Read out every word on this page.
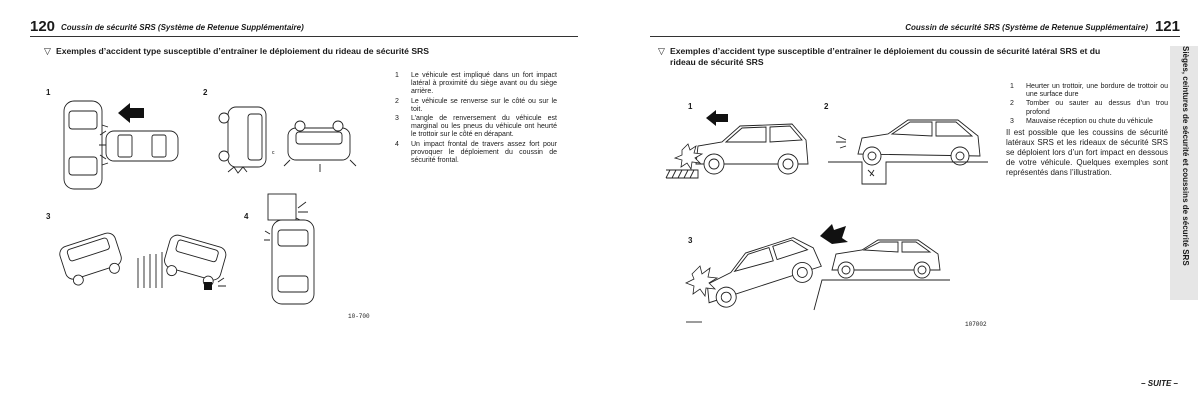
120 Coussin de sécurité SRS (Système de Retenue Supplémentaire)
▽ Exemples d’accident type susceptible d’entraîner le déploiement du rideau de sécurité SRS
1	2
3	4
c
10-700
1 Le véhicule est impliqué dans un fort impact latéral à proximité du siège avant ou du siège arrière.
2 Le véhicule se renverse sur le côté ou sur le toit.
3 L’angle de renversement du véhicule est marginal ou les pneus du véhicule ont heurté le trottoir sur le côté en dérapant.
4 Un impact frontal de travers assez fort pour provoquer le déploiement du coussin de sécurité frontal.
Coussin de sécurité SRS (Système de Retenue Supplémentaire) 121
▽ Exemples d’accident type susceptible d’entraîner le déploiement du coussin de sécurité latéral SRS et du rideau de sécurité SRS
1	2
3
107002
1 Heurter un trottoir, une bordure de trottoir ou une surface dure
2 Tomber ou sauter au dessus d’un trou profond
3 Mauvaise réception ou chute du véhicule

Il est possible que les coussins de sécurité latéraux SRS et les rideaux de sécurité SRS se déploient lors d’un fort impact en dessous de votre véhicule. Quelques exemples sont représentés dans l’illustration.	Sièges, ceintures de sécurité et coussins de sécurité SRS
– SUITE –
